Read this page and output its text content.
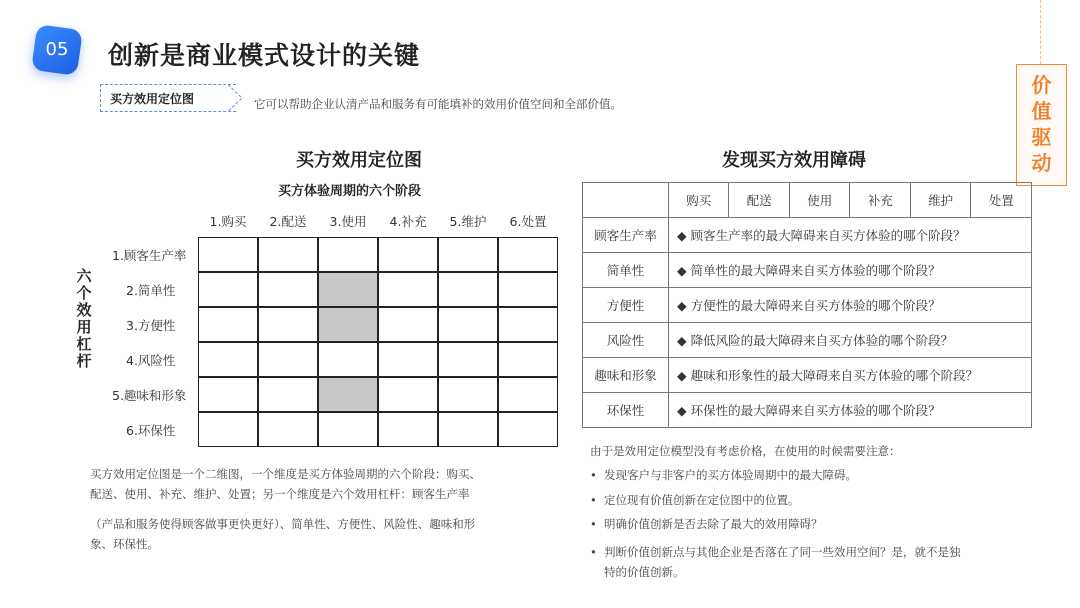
05	创新是商业模式设计的关键
买方效用定位图	它可以帮助企业认清产品和服务有可能填补的效用价值空间和全部价值。
价
值
驱
动
买方效用定位图
买方体验周期的六个阶段
1.购买	2.配送	3.使用	4.补充	5.维护	6.处置
1.顾客生产率
2.简单性
3.方便性
4.风险性
5.趣味和形象
6.环保性
六
个
效
用
杠
杆
买方效用定位图是一个二维图，一个维度是买方体验周期的六个阶段：购买、
配送、使用、补充、维护、处置；另一个维度是六个效用杠杆：顾客生产率
（产品和服务使得顾客做事更快更好）、简单性、方便性、风险性、趣味和形
象、环保性。
发现买方效用障碍
	购买	配送	使用	补充	维护	处置
顾客生产率	◆ 顾客生产率的最大障碍来自买方体验的哪个阶段？					
简单性	◆ 简单性的最大障碍来自买方体验的哪个阶段？					
方便性	◆ 方便性的最大障碍来自买方体验的哪个阶段？					
风险性	◆ 降低风险的最大障碍来自买方体验的哪个阶段？					
趣味和形象	◆ 趣味和形象性的最大障碍来自买方体验的哪个阶段？					
环保性	◆ 环保性的最大障碍来自买方体验的哪个阶段？					
由于是效用定位模型没有考虑价格，在使用的时候需要注意：
• 发现客户与非客户的买方体验周期中的最大障碍。
• 定位现有价值创新在定位图中的位置。
• 明确价值创新是否去除了最大的效用障碍？
• 判断价值创新点与其他企业是否落在了同一些效用空间？是，就不是独
特的价值创新。
